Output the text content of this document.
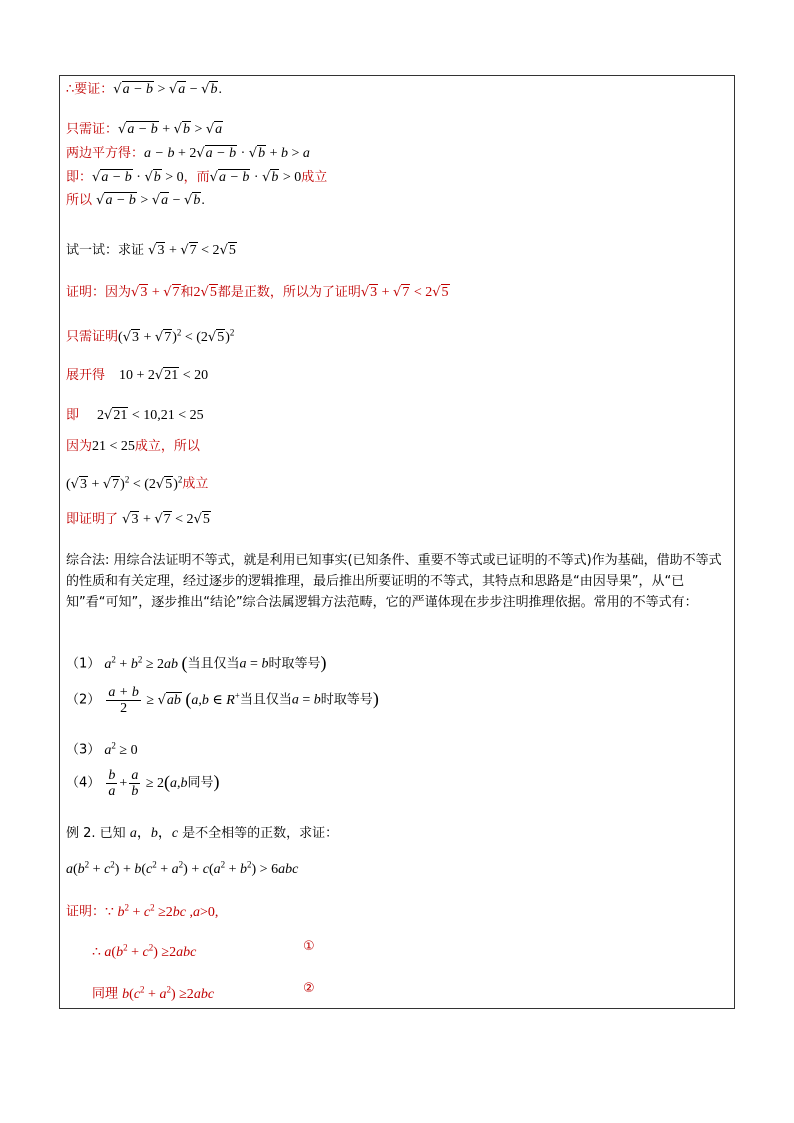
∴要证：√a − b > √a − √b.
只需证：√a − b + √b > √a
两边平方得：a − b + 2√a − b · √b + b > a
即：√a − b · √b > 0，而√a − b · √b > 0成立
所以 √a − b > √a − √b.
试一试：求证 √3 + √7 < 2√5
证明：因为√3 + √7和2√5都是正数，所以为了证明√3 + √7 < 2√5
只需证明$(√3 + √7)^2 < (2√5)^2$
展开得 10 + 2√21 < 20
即 2√21 < 10,21 < 25
因为21 < 25成立，所以
$(√3 + √7)^2 < (2√5)^2$成立
即证明了 √3 + √7 < 2√5
综合法: 用综合法证明不等式，就是利用已知事实(已知条件、重要不等式或已证明的不等式)作为基础，借助不等式的性质和有关定理，经过逐步的逻辑推理，最后推出所要证明的不等式，其特点和思路是“由因导果”，从“已知”看“可知”，逐步推出“结论”综合法属逻辑方法范畴，它的严谨体现在步步注明推理依据。常用的不等式有：
（1） $a^2 + b^2 \ge 2ab$ (当且仅当a = b时取等号)
$(2) \frac{a + b}{2} \ge √ab$ (a,b ∈ R+当且仅当a = b时取等号)
（3） $a^2 \ge 0$
$(4) \frac{b}{a} + \frac{a}{b} \ge 2(a,b$同号)
例 2. 已知 a，b，c 是不全相等的正数，求证：
$a(b^2 + c^2) + b(c^2 + a^2) + c(a^2 + b^2) > 6abc$
证明：∵ $b^2 + c^2 \ge 2bc$ ,a>0,
∴ $a(b^2 + c^2) \ge 2abc$	①
同理 $b(c^2 + a^2) \ge 2abc$	②
